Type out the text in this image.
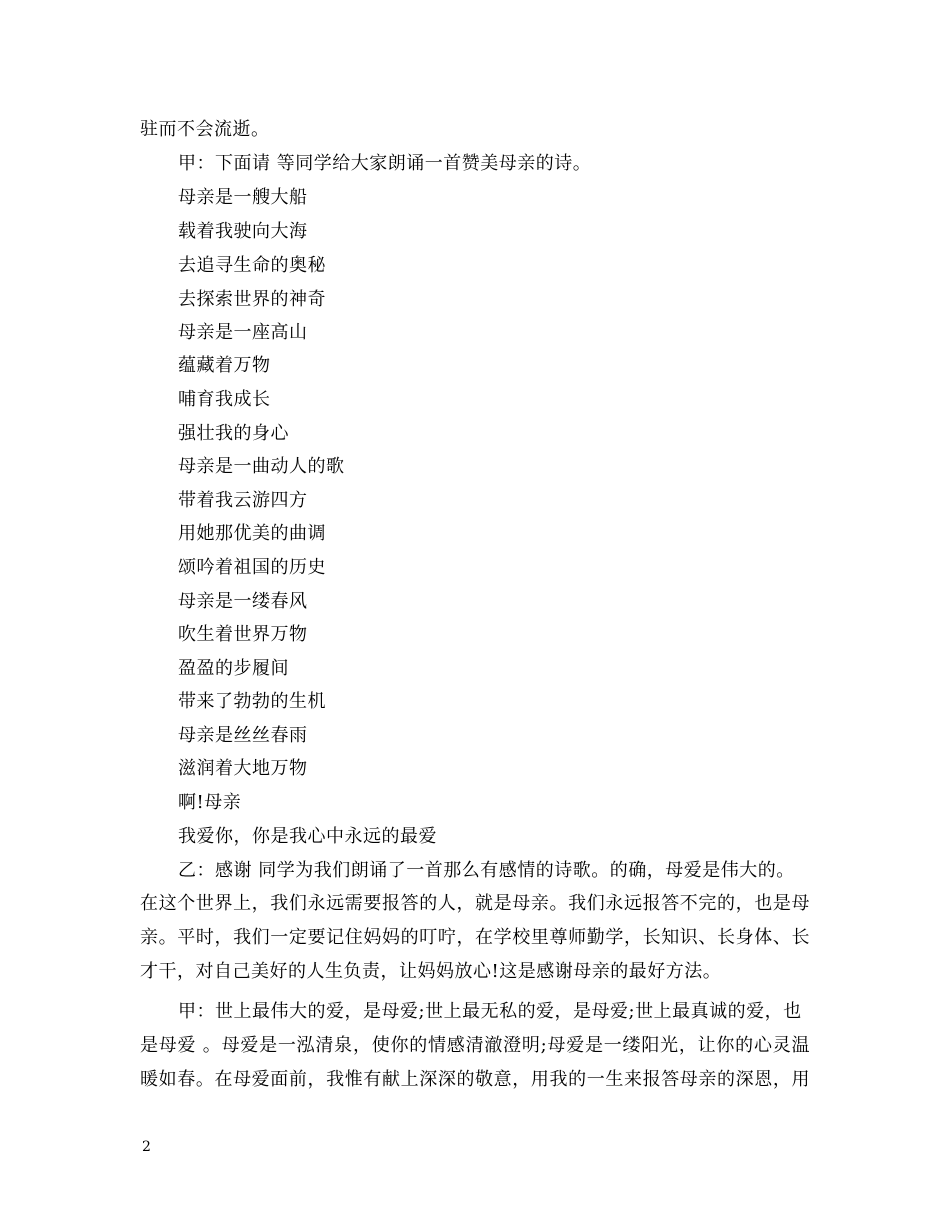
驻而不会流逝。
甲：下面请 等同学给大家朗诵一首赞美母亲的诗。
母亲是一艘大船
载着我驶向大海
去追寻生命的奥秘
去探索世界的神奇
母亲是一座高山
蕴藏着万物
哺育我成长
强壮我的身心
母亲是一曲动人的歌
带着我云游四方
用她那优美的曲调
颂吟着祖国的历史
母亲是一缕春风
吹生着世界万物
盈盈的步履间
带来了勃勃的生机
母亲是丝丝春雨
滋润着大地万物
啊!母亲
我爱你，你是我心中永远的最爱
乙：感谢 同学为我们朗诵了一首那么有感情的诗歌。的确，母爱是伟大的。
在这个世界上，我们永远需要报答的人，就是母亲。我们永远报答不完的，也是母
亲。平时，我们一定要记住妈妈的叮咛，在学校里尊师勤学，长知识、长身体、长
才干，对自己美好的人生负责，让妈妈放心!这是感谢母亲的最好方法。
甲：世上最伟大的爱，是母爱;世上最无私的爱，是母爱;世上最真诚的爱，也
是母爱 。母爱是一泓清泉，使你的情感清澈澄明;母爱是一缕阳光，让你的心灵温
暖如春。在母爱面前，我惟有献上深深的敬意，用我的一生来报答母亲的深恩，用
2
